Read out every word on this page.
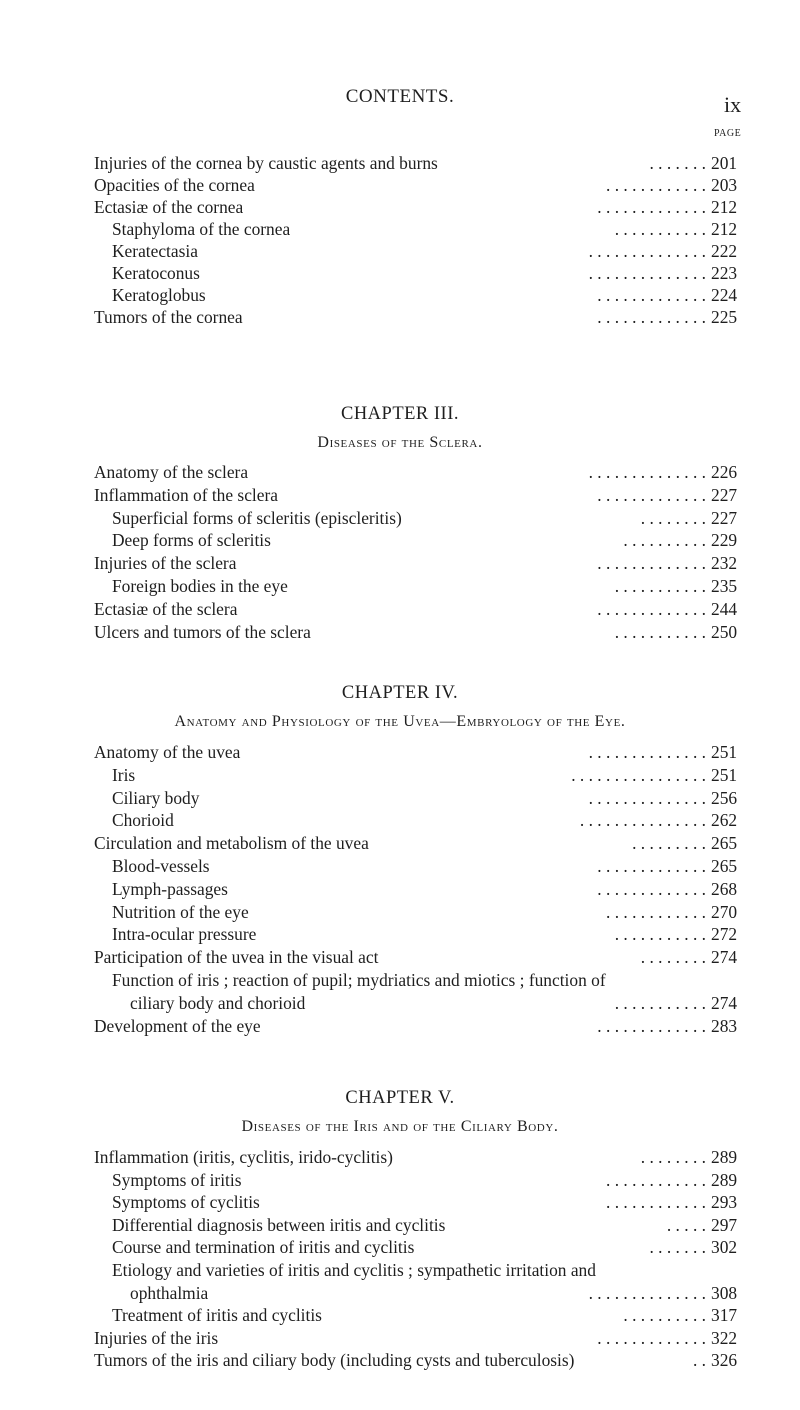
CONTENTS.	ix
PAGE
CHAPTER III.
Diseases of the Sclera.
CHAPTER IV.
Anatomy and Physiology of the Uvea—Embryology of the Eye.
CHAPTER V.
Diseases of the Iris and of the Ciliary Body.
Injuries of the cornea by caustic agents and burns	. . . . . . . 201
Opacities of the cornea	. . . . . . . . . . . . 203
Ectasiæ of the cornea	. . . . . . . . . . . . . 212
Staphyloma of the cornea	. . . . . . . . . . . 212
Keratectasia	. . . . . . . . . . . . . . 222
Keratoconus	. . . . . . . . . . . . . . 223
Keratoglobus	. . . . . . . . . . . . . 224
Tumors of the cornea	. . . . . . . . . . . . . 225
Anatomy of the sclera	. . . . . . . . . . . . . . 226
Inflammation of the sclera	. . . . . . . . . . . . . 227
Superficial forms of scleritis (episcleritis)	. . . . . . . . 227
Deep forms of scleritis	. . . . . . . . . . 229
Injuries of the sclera	. . . . . . . . . . . . . 232
Foreign bodies in the eye	. . . . . . . . . . . 235
Ectasiæ of the sclera	. . . . . . . . . . . . . 244
Ulcers and tumors of the sclera	. . . . . . . . . . . 250
Anatomy of the uvea	. . . . . . . . . . . . . . 251
Iris	. . . . . . . . . . . . . . . . 251
Ciliary body	. . . . . . . . . . . . . . 256
Chorioid	. . . . . . . . . . . . . . . 262
Circulation and metabolism of the uvea	. . . . . . . . . 265
Blood-vessels	. . . . . . . . . . . . . 265
Lymph-passages	. . . . . . . . . . . . . 268
Nutrition of the eye	. . . . . . . . . . . . 270
Intra-ocular pressure	. . . . . . . . . . . 272
Participation of the uvea in the visual act	. . . . . . . . 274
Function of iris ; reaction of pupil; mydriatics and miotics ; function of
ciliary body and chorioid	. . . . . . . . . . . 274
Development of the eye	. . . . . . . . . . . . . 283
Inflammation (iritis, cyclitis, irido-cyclitis)	. . . . . . . . 289
Symptoms of iritis	. . . . . . . . . . . . 289
Symptoms of cyclitis	. . . . . . . . . . . . 293
Differential diagnosis between iritis and cyclitis	. . . . . 297
Course and termination of iritis and cyclitis	. . . . . . . 302
Etiology and varieties of iritis and cyclitis ; sympathetic irritation and
ophthalmia	. . . . . . . . . . . . . . 308
Treatment of iritis and cyclitis	. . . . . . . . . . 317
Injuries of the iris	. . . . . . . . . . . . . 322
Tumors of the iris and ciliary body (including cysts and tuberculosis)	. . 326
